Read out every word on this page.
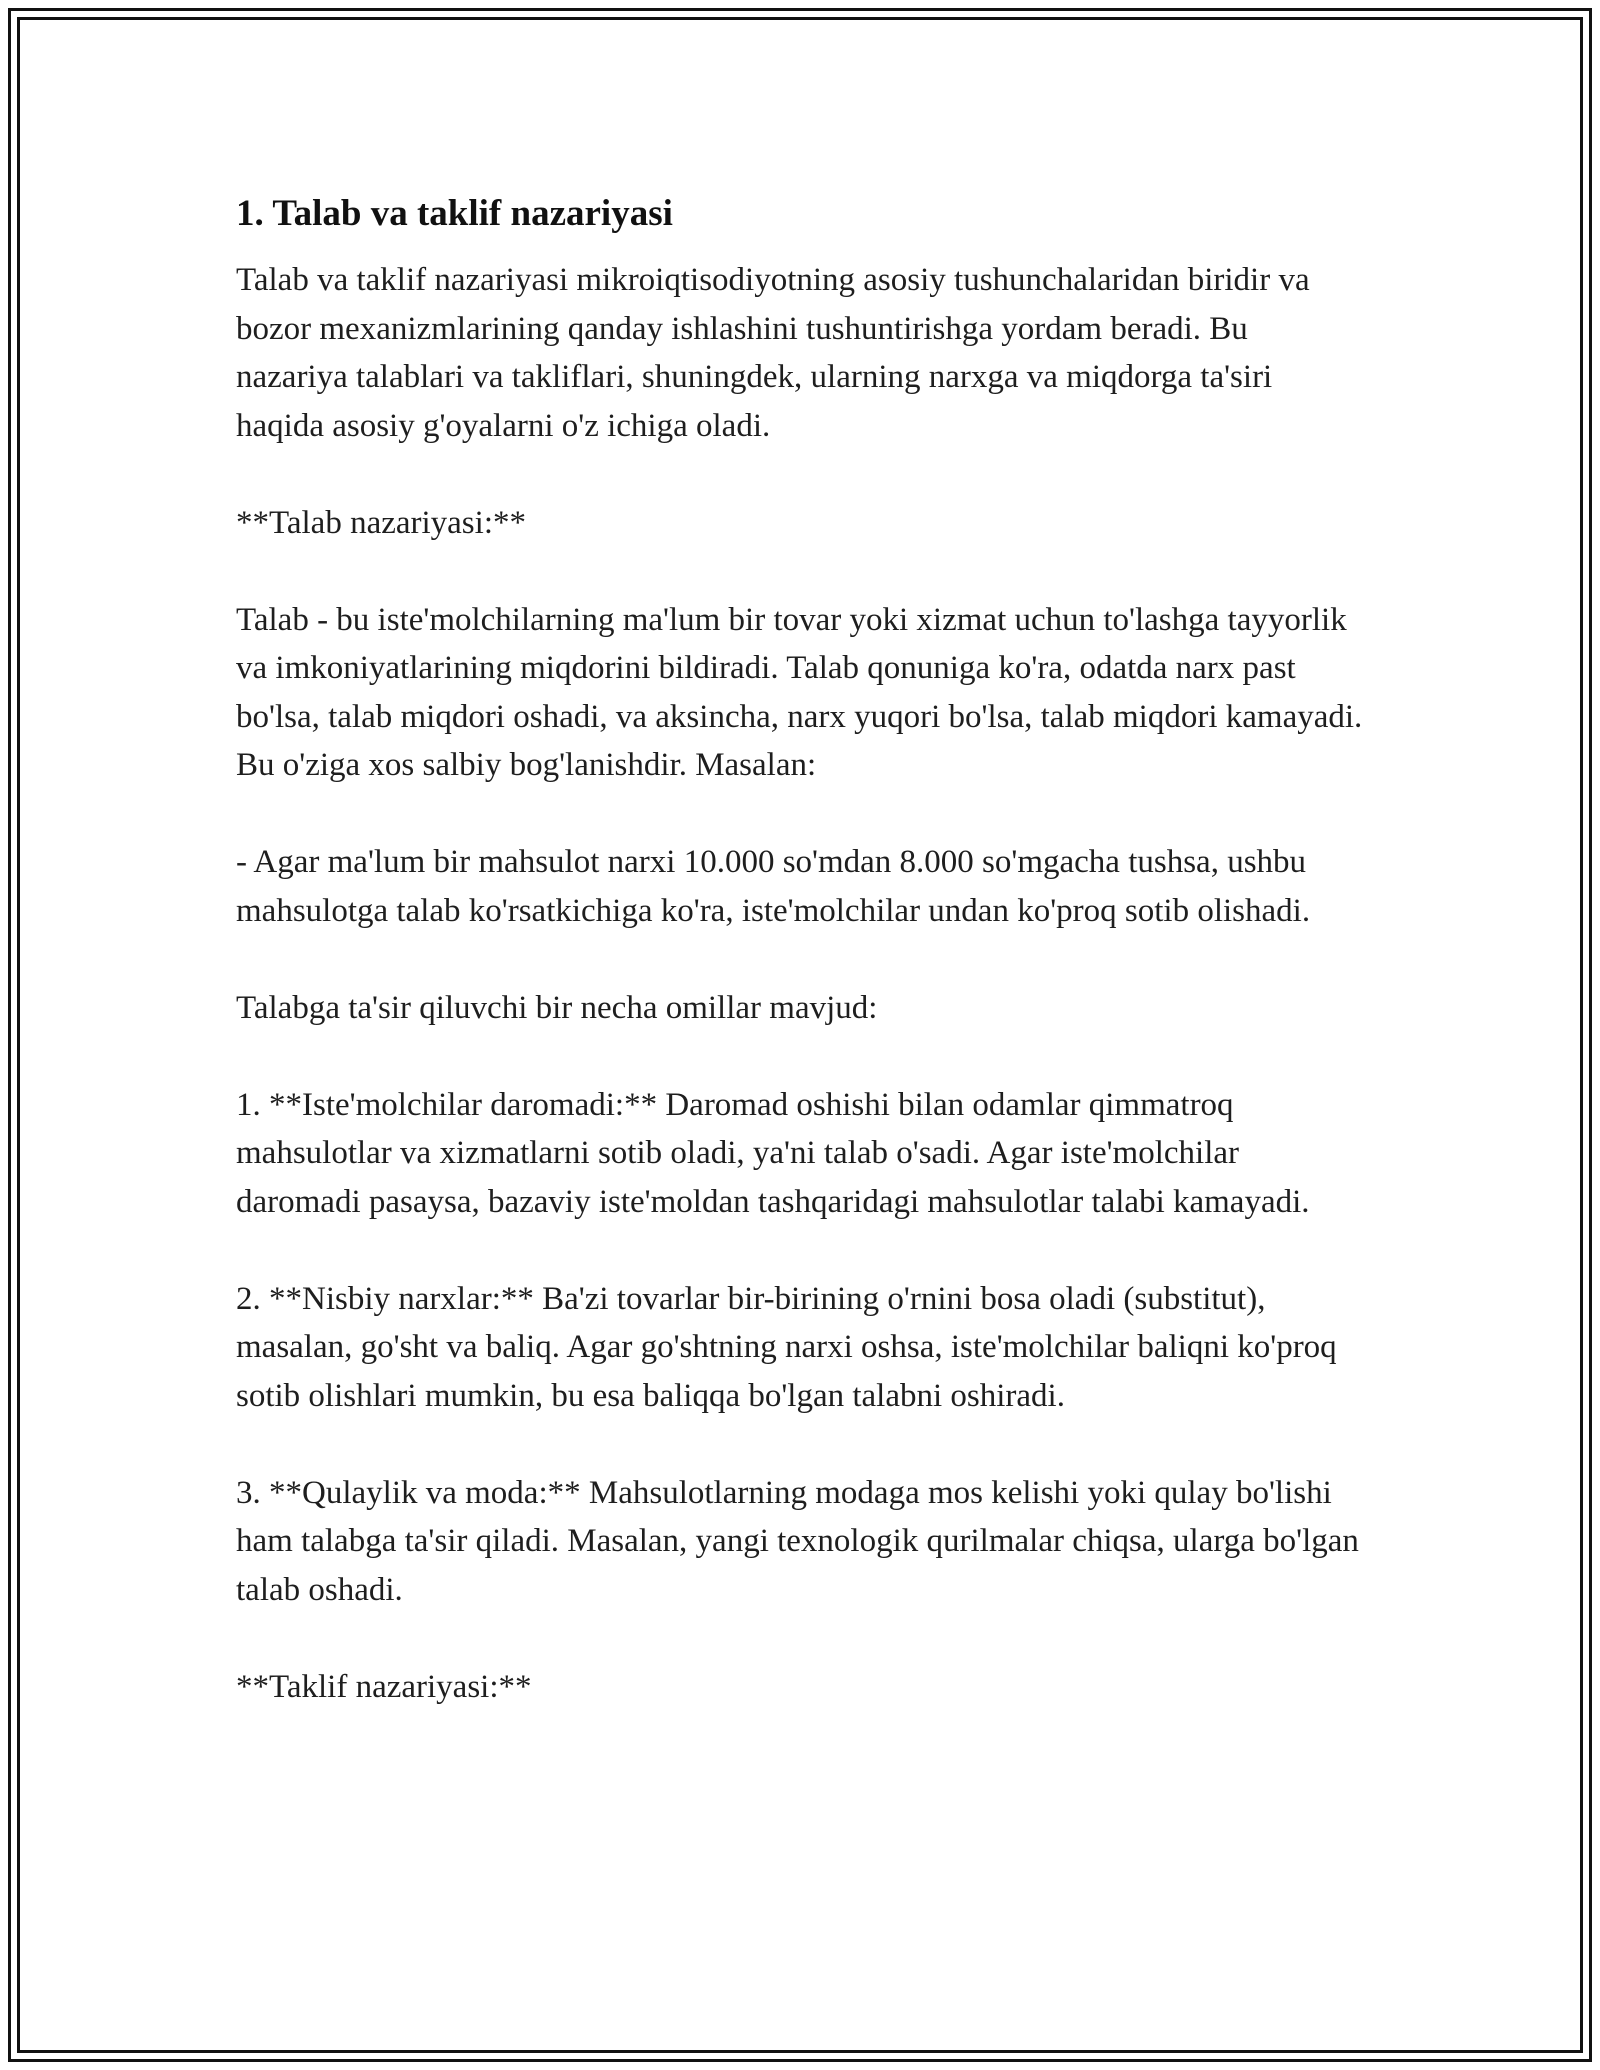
1. Talab va taklif nazariyasi

Talab va taklif nazariyasi mikroiqtisodiyotning asosiy tushunchalaridan biridir va bozor mexanizmlarining qanday ishlashini tushuntirishga yordam beradi. Bu nazariya talablari va takliflari, shuningdek, ularning narxga va miqdorga ta'siri haqida asosiy g'oyalarni o'z ichiga oladi.

**Talab nazariyasi:**

Talab - bu iste'molchilarning ma'lum bir tovar yoki xizmat uchun to'lashga tayyorlik va imkoniyatlarining miqdorini bildiradi. Talab qonuniga ko'ra, odatda narx past bo'lsa, talab miqdori oshadi, va aksincha, narx yuqori bo'lsa, talab miqdori kamayadi. Bu o'ziga xos salbiy bog'lanishdir. Masalan:

- Agar ma'lum bir mahsulot narxi 10.000 so'mdan 8.000 so'mgacha tushsa, ushbu mahsulotga talab ko'rsatkichiga ko'ra, iste'molchilar undan ko'proq sotib olishadi.

Talabga ta'sir qiluvchi bir necha omillar mavjud:

1. **Iste'molchilar daromadi:** Daromad oshishi bilan odamlar qimmatroq mahsulotlar va xizmatlarni sotib oladi, ya'ni talab o'sadi. Agar iste'molchilar daromadi pasaysa, bazaviy iste'moldan tashqaridagi mahsulotlar talabi kamayadi.

2. **Nisbiy narxlar:** Ba'zi tovarlar bir-birining o'rnini bosa oladi (substitut), masalan, go'sht va baliq. Agar go'shtning narxi oshsa, iste'molchilar baliqni ko'proq sotib olishlari mumkin, bu esa baliqqa bo'lgan talabni oshiradi.

3. **Qulaylik va moda:** Mahsulotlarning modaga mos kelishi yoki qulay bo'lishi ham talabga ta'sir qiladi. Masalan, yangi texnologik qurilmalar chiqsa, ularga bo'lgan talab oshadi.

**Taklif nazariyasi:**
